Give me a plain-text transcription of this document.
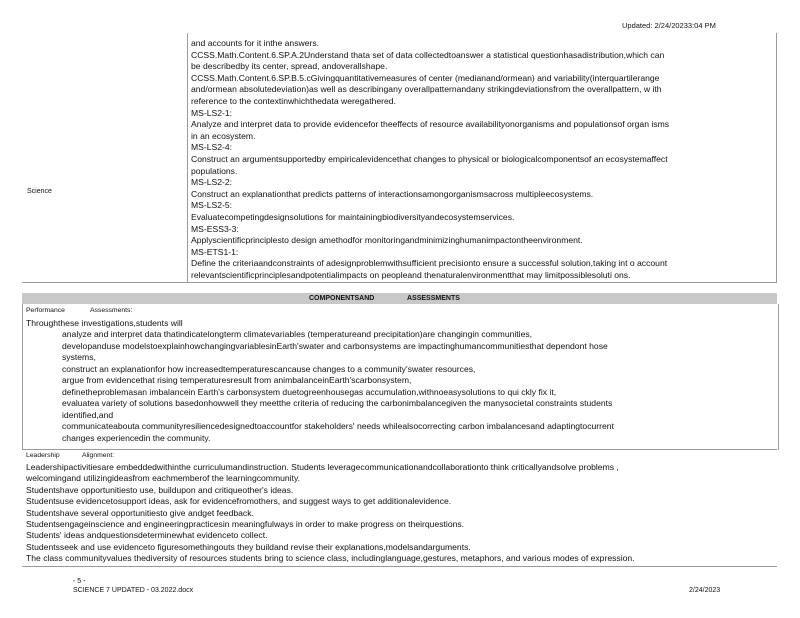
Updated: 2/24/20233:04 PM
Science
and accounts for it inthe answers.
CCSS.Math.Content.6.SP.A.2Understand thata set of data collectedtoanswer a statistical questionhasadistribution,which can
be describedby its center, spread, andoverallshape.
CCSS.Math.Content.6.SP.B.5.cGivingquantitativemeasures of center (medianand/ormean) and variability(interquartilerange
and/ormean absolutedeviation)as well as describingany overallpatternandany strikingdeviationsfrom the overallpattern, w ith
reference to the contextinwhichthedata weregathered.
MS-LS2-1:
Analyze and interpret data to provide evidencefor theeffects of resource availabilityonorganisms and populationsof organ isms
in an ecosystem.
MS-LS2-4:
Construct an argumentsupportedby empiricalevidencethat changes to physical or biologicalcomponentsof an ecosystemaffect
populations.
MS-LS2-2:
Construct an explanationthat predicts patterns of interactionsamongorganismsacross multipleecosystems.
MS-LS2-5:
Evaluatecompetingdesignsolutions for maintainingbiodiversityandecosystemservices.
MS-ESS3-3:
Applyscientificprinciplesto design amethodfor monitoringandminimizinghumanimpactontheenvironment.
MS-ETS1-1:
Define the criteriaandconstraints of adesignproblemwithsufficient precisionto ensure a successful solution,taking int o account
relevantscientificprinciplesandpotentialimpacts on peopleand thenaturalenvironmentthat may limitpossiblesoluti ons.
COMPONENTSAND	ASSESSMENTS
Performance	Assessments:
Throughthese investigations,students will
analyze and interpret data thatindicatelongterm climatevariables (temperatureand precipitation)are changingin communities,
developanduse modelstoexplainhowchangingvariablesinEarth'swater and carbonsystems are impactinghumancommunitiesthat dependont hose
systems,
construct an explanationfor how increasedtemperaturescancause changes to a community'swater resources,
argue from evidencethat rising temperaturesresult from animbalanceinEarth'scarbonsystem,
definetheproblemasan imbalancein Earth's carbonsystem duetogreenhousegas accumulation,withnoeasysolutions to qui ckly fix it,
evaluatea variety of solutions basedonhowwell they meetthe criteria of reducing the carbonimbalancegiven the manysocietal constraints students
identified,and
communicateaboutа communityresiliencedesignedtoaccountfor stakeholders' needs whilealsocorrecting carbon imbalancesand adaptingtocurrent
changes experiencedin the community.
Leadership	Alignment:
Leadershipactivitiesare embeddedwithinthe curriculumandinstruction. Students leveragecommunicationandcollaborationto think criticallyandsolve problems ,
welcomingand utilizingideasfrom eachmemberof the learningcommunity.
Studentshave opportunitiesto use, buildupon and critiqueother's ideas.
Studentsuse evidencetosupport ideas, ask for evidencefromothers, and suggest ways to get additionalevidence.
Studentshave several opportunitiesto give andget feedback.
Studentsengageinscience and engineeringpracticesin meaningfulways in order to make progress on theirquestions.
Students' ideas andquestionsdeterminewhat evidenceto collect.
Studentsseek and use evidenceto figuresomethingouts they buildand revise their explanations,modelsandarguments.
The class communityvalues thediversity of resources students bring to science class, includinglanguage,gestures, metaphors, and various modes of expression.
- 5 -
SCIENCE 7 UPDATED - 03.2022.docx	2/24/2023
